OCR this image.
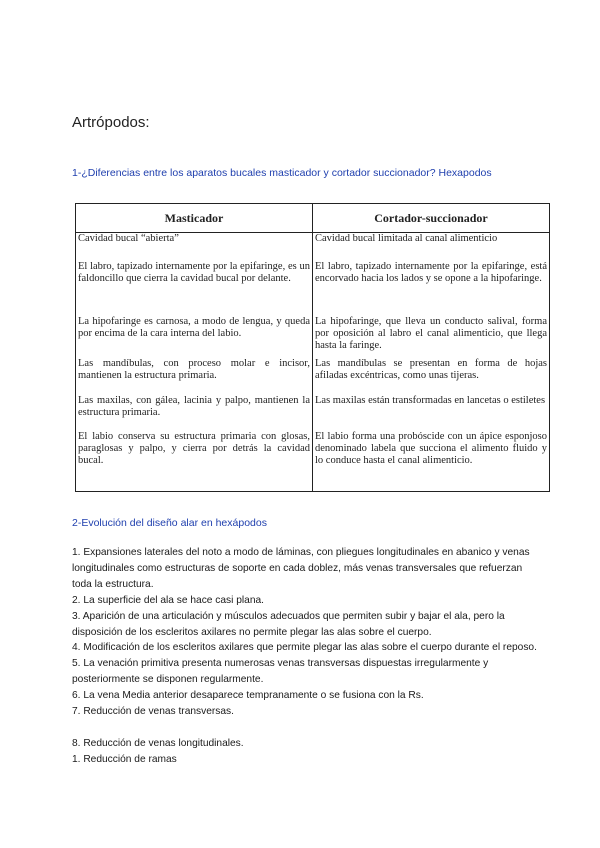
Artrópodos:
1-¿Diferencias entre los aparatos bucales masticador y cortador succionador? Hexapodos
Masticador	Cortador-succionador
Cavidad bucal “abierta”	Cavidad bucal limitada al canal alimenticio
El labro, tapizado internamente por la epifaringe, es un faldoncillo que cierra la cavidad bucal por delante.	El labro, tapizado internamente por la epifaringe, está encorvado hacia los lados y se opone a la hipofaringe.
La hipofaringe es carnosa, a modo de lengua, y queda por encima de la cara interna del labio.	La hipofaringe, que lleva un conducto salival, forma por oposición al labro el canal alimenticio, que llega hasta la faringe.
Las mandíbulas, con proceso molar e incisor, mantienen la estructura primaria.	Las mandíbulas se presentan en forma de hojas afiladas excéntricas, como unas tijeras.
Las maxilas, con gálea, lacinia y palpo, mantienen la estructura primaria.	Las maxilas están transformadas en lancetas o estiletes
El labio conserva su estructura primaria con glosas, paraglosas y palpo, y cierra por detrás la cavidad bucal.	El labio forma una probóscide con un ápice esponjoso denominado labela que succiona el alimento fluido y lo conduce hasta el canal alimenticio.
2-Evolución del diseño alar en hexápodos

1. Expansiones laterales del noto a modo de láminas, con pliegues longitudinales en abanico y venas longitudinales como estructuras de soporte en cada doblez, más venas transversales que refuerzan toda la estructura.

2. La superficie del ala se hace casi plana.

3. Aparición de una articulación y músculos adecuados que permiten subir y bajar el ala, pero la disposición de los escleritos axilares no permite plegar las alas sobre el cuerpo.

4. Modificación de los escleritos axilares que permite plegar las alas sobre el cuerpo durante el reposo.

5. La venación primitiva presenta numerosas venas transversas dispuestas irregularmente y posteriormente se disponen regularmente.

6. La vena Media anterior desaparece tempranamente o se fusiona con la Rs.

7. Reducción de venas transversas.

8. Reducción de venas longitudinales.

1. Reducción de ramas
